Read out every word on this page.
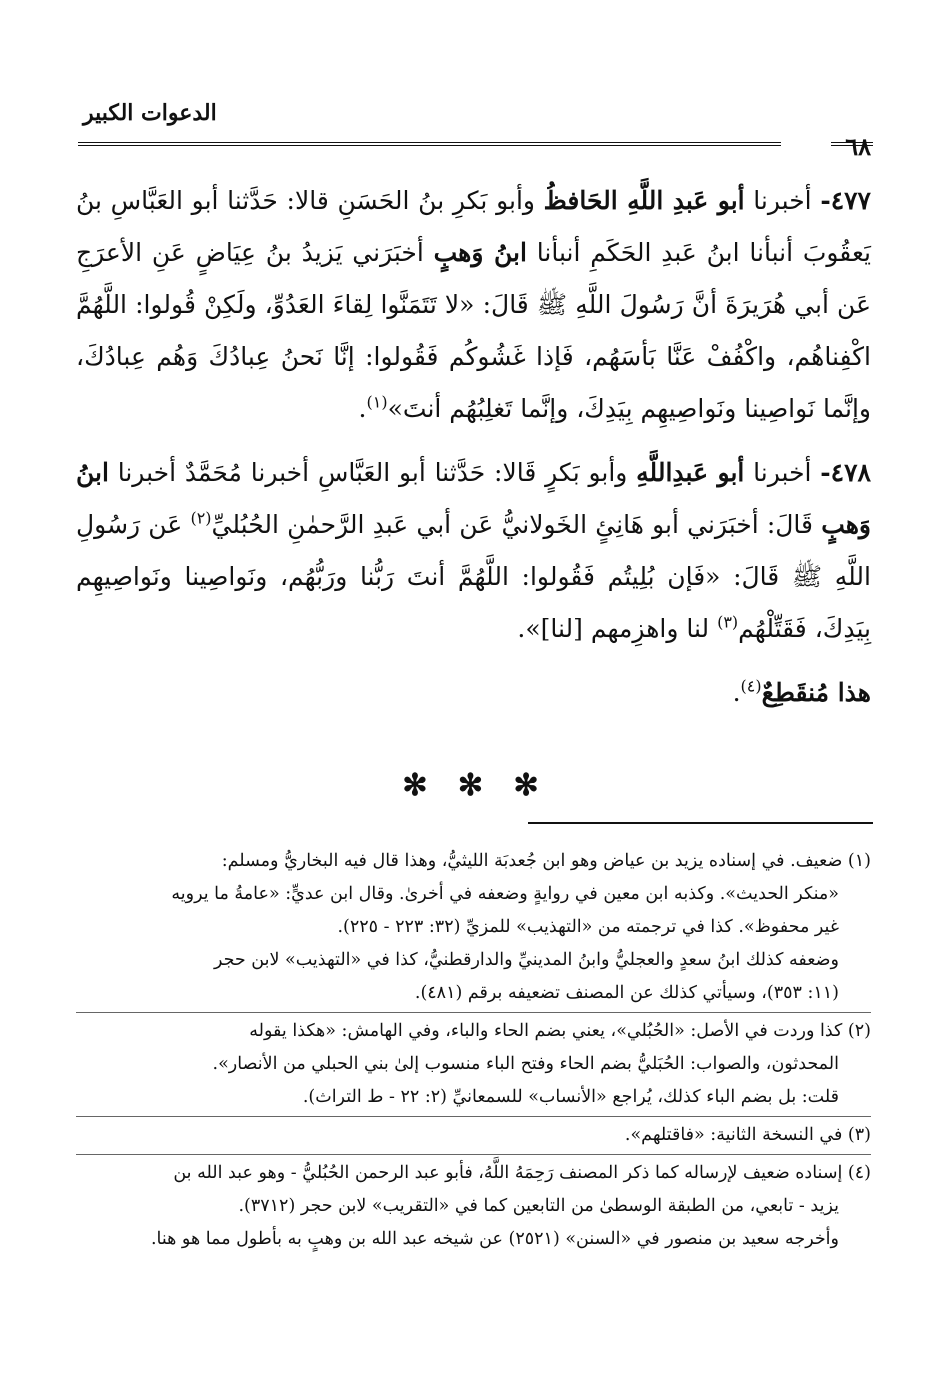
الدعوات الكبير
٦٨

٤٧٧- أخبرنا أبو عَبدِ اللَّهِ الحَافظُ وأبو بَكرِ بنُ الحَسَنِ قالا: حَدَّثنا أبو العَبَّاسِ بنُ يَعقُوبَ أنبأنا ابنُ عَبدِ الحَكَمِ أنبأنا ابنُ وَهبٍ أخبَرَني يَزيدُ بنُ عِيَاضٍ عَنِ الأعرَجِ عَن أبي هُرَيرَةَ أنَّ رَسُولَ اللَّهِ ﷺ قَالَ: «لا تَتَمَنَّوا لِقاءَ العَدُوِّ، ولَكِنْ قُولوا: اللَّهُمَّ اكْفِناهُم، واكْفُفْ عَنَّا بَأسَهُم، فَإذا غَشُوكُم فَقُولوا: إنَّا نَحنُ عِبادُكَ وَهُم عِبادُكَ، وإنَّما نَواصِينا ونَواصِيهِم بِيَدِكَ، وإنَّما تَغلِبُهُم أنتَ»$^{(١)}$.

٤٧٨- أخبرنا أبو عَبدِاللَّهِ وأبو بَكرٍ قَالا: حَدَّثنا أبو العَبَّاسِ أخبرنا مُحَمَّدٌ أخبرنا ابنُ وَهبٍ قَالَ: أخبَرَني أبو هَانِئٍ الخَولانيُّ عَن أبي عَبدِ الرَّحمٰنِ الحُبُليِّ$^{(٢)}$ عَن رَسُولِ اللَّهِ ﷺ قَالَ: «فَإن بُلِيتُم فَقُولوا: اللَّهُمَّ أنتَ رَبُّنا ورَبُّهُم، ونَواصِينا ونَواصِيهِم بِيَدِكَ، فَقَتِّلْهُم$^{(٣)}$ لنا واهزِمهم [لنا]».

هذا مُنقَطِعٌ$^{(٤)}$.

✻ ✻ ✻

(١) ضعيف. في إسناده يزيد بن عياض وهو ابن جُعدبَة الليثيُّ، وهذا قال فيه البخاريُّ ومسلم:
«منكر الحديث». وكذبه ابن معين في روايةٍ وضعفه في أخرىٰ. وقال ابن عديٍّ: «عامةُ ما يرويه
غير محفوظ». كذا في ترجمته من «التهذيب» للمزيِّ (٣٢: ٢٢٣ - ٢٢٥).
وضعفه كذلك ابنُ سعدٍ والعجليُّ وابنُ المدينيِّ والدارقطنيُّ، كذا في «التهذيب» لابن حجر
(١١: ٣٥٣)، وسيأتي كذلك عن المصنف تضعيفه برقم (٤٨١).

(٢) كذا وردت في الأصل: «الحُبُلي»، يعني بضم الحاء والباء، وفي الهامش: «هكذا يقوله
المحدثون، والصواب: الحُبَليُّ بضم الحاء وفتح الباء منسوب إلىٰ بني الحبلي من الأنصار».
قلت: بل بضم الباء كذلك، يُراجع «الأنساب» للسمعانيِّ (٢: ٢٢ - ط التراث).

(٣) في النسخة الثانية: «فاقتلهم».

(٤) إسناده ضعيف لإرساله كما ذكر المصنف رَحِمَهُ اللَّهُ، فأبو عبد الرحمن الحُبُليُّ - وهو عبد الله بن
يزيد - تابعي، من الطبقة الوسطىٰ من التابعين كما في «التقريب» لابن حجر (٣٧١٢).
وأخرجه سعيد بن منصور في «السنن» (٢٥٢١) عن شيخه عبد الله بن وهبٍ به بأطول مما هو هنا.
